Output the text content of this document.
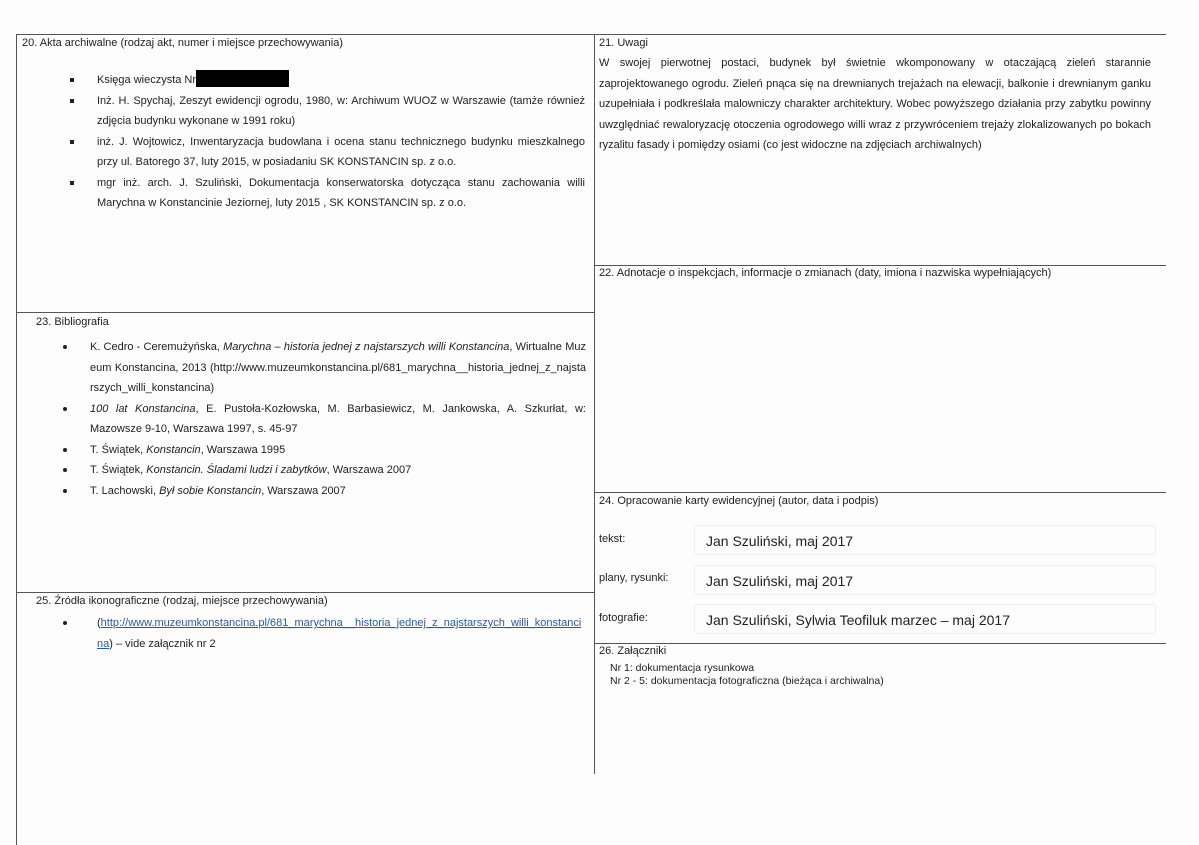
20. Akta archiwalne (rodzaj akt, numer i miejsce przechowywania)
Księga wieczysta Nr
Inż. H. Spychaj, Zeszyt ewidencji ogrodu, 1980, w: Archiwum WUOZ w Warszawie (tamże również zdjęcia budynku wykonane w 1991 roku)
inż. J. Wojtowicz, Inwentaryzacja budowlana i ocena stanu technicznego budynku mieszkalnego przy ul. Batorego 37, luty 2015, w posiadaniu SK KONSTANCIN sp. z o.o.
mgr inż. arch. J. Szuliński, Dokumentacja konserwatorska dotycząca stanu zachowania willi Marychna w Konstancinie Jeziornej, luty 2015 , SK KONSTANCIN sp. z o.o.
21. Uwagi
W swojej pierwotnej postaci, budynek był świetnie wkomponowany w otaczającą zieleń starannie zaprojektowanego ogrodu. Zieleń pnąca się na drewnianych trejażach na elewacji, balkonie i drewnianym ganku uzupełniała i podkreślała malowniczy charakter architektury. Wobec powyższego działania przy zabytku powinny uwzględniać rewaloryzację otoczenia ogrodowego willi wraz z przywróceniem trejaży zlokalizowanych po bokach ryzalitu fasady i pomiędzy osiami (co jest widoczne na zdjęciach archiwalnych)
22. Adnotacje o inspekcjach, informacje o zmianach (daty, imiona i nazwiska wypełniających)
23. Bibliografia
K. Cedro - Ceremużyńska, Marychna – historia jednej z najstarszych willi Konstancina, Wirtualne Muzeum Konstancina, 2013 (http://www.muzeumkonstancina.pl/681_marychna__historia_jednej_z_najstarszych_willi_konstancina)
100 lat Konstancina, E. Pustoła-Kozłowska, M. Barbasiewicz, M. Jankowska, A. Szkurłat, w: Mazowsze 9-10, Warszawa 1997, s. 45-97
T. Świątek, Konstancin, Warszawa 1995
T. Świątek, Konstancin. Śladami ludzi i zabytków, Warszawa 2007
T. Lachowski, Był sobie Konstancin, Warszawa 2007
24. Opracowanie karty ewidencyjnej (autor, data i podpis)
tekst:	Jan Szuliński, maj 2017
plany, rysunki:	Jan Szuliński, maj 2017
fotografie:	Jan Szuliński, Sylwia Teofiluk marzec – maj 2017
25. Źródła ikonograficzne (rodzaj, miejsce przechowywania)
(http://www.muzeumkonstancina.pl/681_marychna__historia_jednej_z_najstarszych_willi_konstancina) – vide załącznik nr 2
26. Załączniki
Nr 1: dokumentacja rysunkowa
Nr 2 - 5: dokumentacja fotograficzna (bieżąca i archiwalna)
